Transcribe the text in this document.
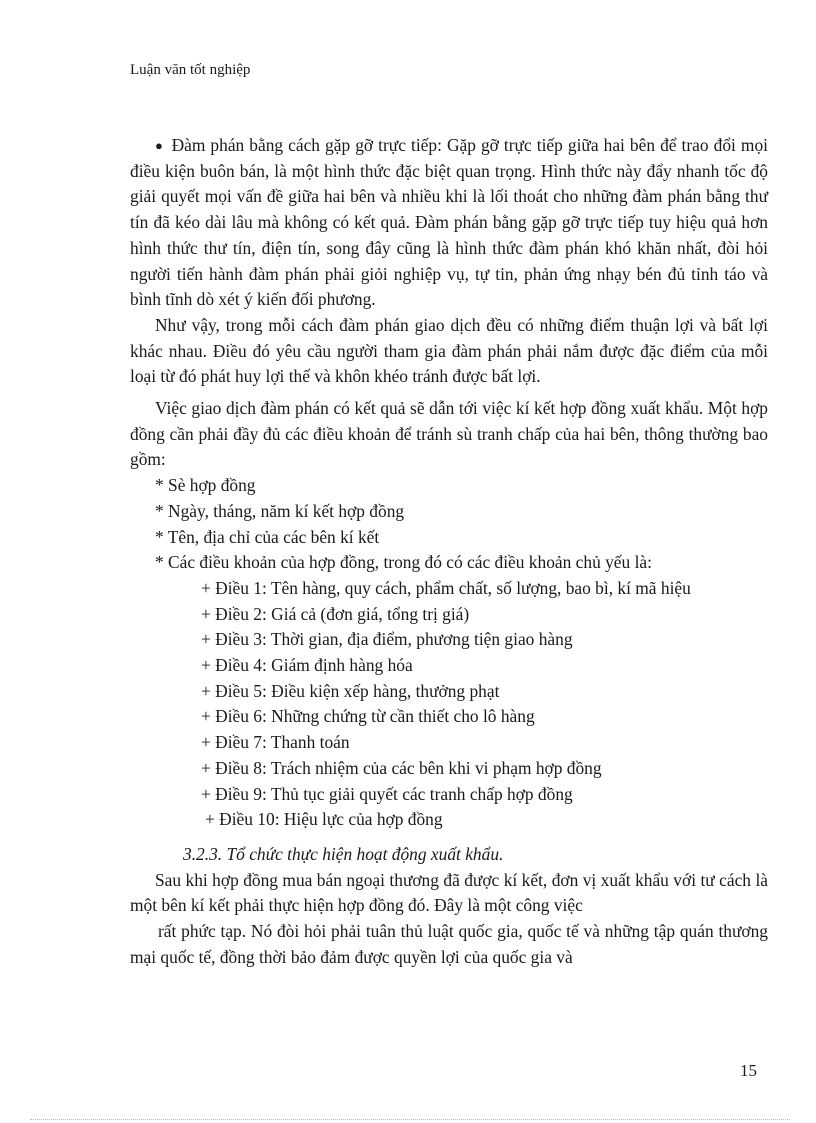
Luận văn tốt nghiệp

● Đàm phán bằng cách gặp gỡ trực tiếp: Gặp gỡ trực tiếp giữa hai bên để trao đổi mọi điều kiện buôn bán, là một hình thức đặc biệt quan trọng. Hình thức này đẩy nhanh tốc độ giải quyết mọi vấn đề giữa hai bên và nhiều khi là lối thoát cho những đàm phán bằng thư tín đã kéo dài lâu mà không có kết quả. Đàm phán bằng gặp gỡ trực tiếp tuy hiệu quả hơn hình thức thư tín, điện tín, song đây cũng là hình thức đàm phán khó khăn nhất, đòi hỏi người tiến hành đàm phán phải giỏi nghiệp vụ, tự tin, phản ứng nhạy bén đủ tỉnh táo và bình tĩnh dò xét ý kiến đối phương.

Như vậy, trong mỗi cách đàm phán giao dịch đều có những điểm thuận lợi và bất lợi khác nhau. Điều đó yêu cầu người tham gia đàm phán phải nắm được đặc điểm của mỗi loại từ đó phát huy lợi thế và khôn khéo tránh được bất lợi.

Việc giao dịch đàm phán có kết quả sẽ dẫn tới việc kí kết hợp đồng xuất khẩu. Một hợp đồng cần phải đầy đủ các điều khoản để tránh sù tranh chấp của hai bên, thông thường bao gồm:

* Sè hợp đồng

* Ngày, tháng, năm kí kết hợp đồng

* Tên, địa chỉ của các bên kí kết

* Các điều khoản của hợp đồng, trong đó có các điều khoản chủ yếu là:

+ Điều 1: Tên hàng, quy cách, phẩm chất, số lượng, bao bì, kí mã hiệu

+ Điều 2: Giá cả (đơn giá, tổng trị giá)

+ Điều 3: Thời gian, địa điểm, phương tiện giao hàng

+ Điều 4: Giám định hàng hóa

+ Điều 5: Điều kiện xếp hàng, thưởng phạt

+ Điều 6: Những chứng từ cần thiết cho lô hàng

+ Điều 7: Thanh toán

+ Điều 8: Trách nhiệm của các bên khi vi phạm hợp đồng

+ Điều 9: Thủ tục giải quyết các tranh chấp hợp đồng

+ Điều 10: Hiệu lực của hợp đồng

3.2.3. Tổ chức thực hiện hoạt động xuất khẩu.

Sau khi hợp đồng mua bán ngoại thương đã được kí kết, đơn vị xuất khẩu với tư cách là một bên kí kết phải thực hiện hợp đồng đó. Đây là một công việc

rất phức tạp. Nó đòi hỏi phải tuân thủ luật quốc gia, quốc tế và những tập quán thương mại quốc tế, đồng thời bảo đảm được quyền lợi của quốc gia và

15
